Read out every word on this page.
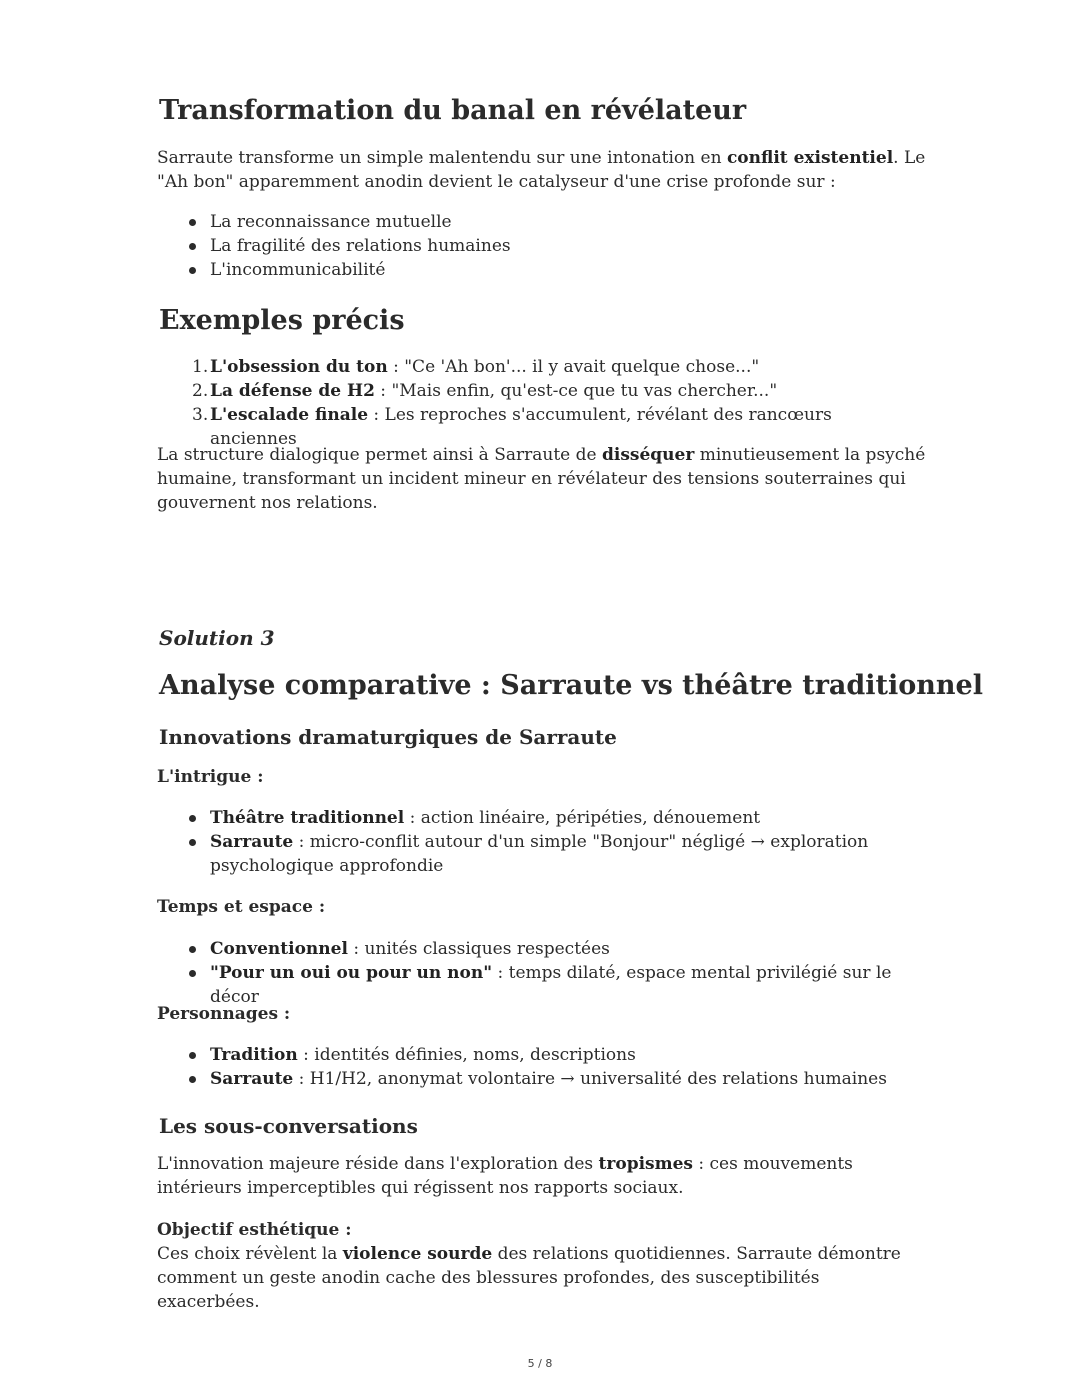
Transformation du banal en révélateur

Sarraute transforme un simple malentendu sur une intonation en conflit existentiel. Le "Ah bon" apparemment anodin devient le catalyseur d'une crise profonde sur :

La reconnaissance mutuelle
La fragilité des relations humaines
L'incommunicabilité
Exemples précis
1. L'obsession du ton : "Ce 'Ah bon'... il y avait quelque chose..."
2. La défense de H2 : "Mais enfin, qu'est-ce que tu vas chercher..."
3. L'escalade finale : Les reproches s'accumulent, révélant des rancœurs anciennes

La structure dialogique permet ainsi à Sarraute de disséquer minutieusement la psyché humaine, transformant un incident mineur en révélateur des tensions souterraines qui gouvernent nos relations.

Solution 3
Analyse comparative : Sarraute vs théâtre traditionnel
Innovations dramaturgiques de Sarraute
L'intrigue :
Théâtre traditionnel : action linéaire, péripéties, dénouement
Sarraute : micro-conflit autour d'un simple "Bonjour" négligé → exploration psychologique approfondie
Temps et espace :
Conventionnel : unités classiques respectées
"Pour un oui ou pour un non" : temps dilaté, espace mental privilégié sur le décor
Personnages :
Tradition : identités définies, noms, descriptions
Sarraute : H1/H2, anonymat volontaire → universalité des relations humaines
Les sous-conversations

L'innovation majeure réside dans l'exploration des tropismes : ces mouvements intérieurs imperceptibles qui régissent nos rapports sociaux.

Objectif esthétique :

Ces choix révèlent la violence sourde des relations quotidiennes. Sarraute démontre comment un geste anodin cache des blessures profondes, des susceptibilités exacerbées.

5 / 8
